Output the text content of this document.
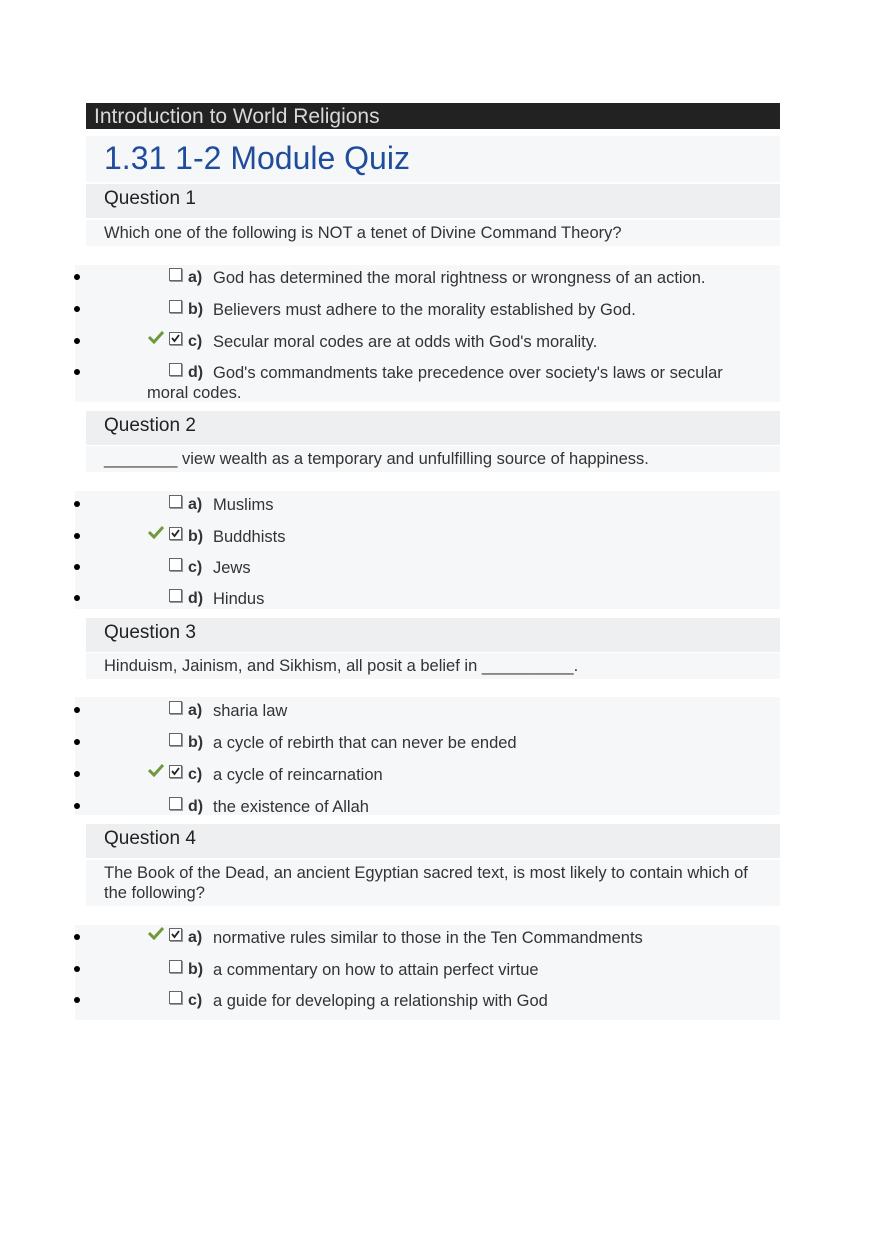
Introduction to World Religions
1.31 1-2 Module Quiz
Question 1
Which one of the following is NOT a tenet of Divine Command Theory?
a) God has determined the moral rightness or wrongness of an action.
b) Believers must adhere to the morality established by God.
c) Secular moral codes are at odds with God's morality.
d) God's commandments take precedence over society's laws or secular moral codes.
Question 2
________ view wealth as a temporary and unfulfilling source of happiness.
a) Muslims
b) Buddhists
c) Jews
d) Hindus
Question 3
Hinduism, Jainism, and Sikhism, all posit a belief in __________.
a) sharia law
b) a cycle of rebirth that can never be ended
c) a cycle of reincarnation
d) the existence of Allah
Question 4
The Book of the Dead, an ancient Egyptian sacred text, is most likely to contain which of the following?
a) normative rules similar to those in the Ten Commandments
b) a commentary on how to attain perfect virtue
c) a guide for developing a relationship with God
